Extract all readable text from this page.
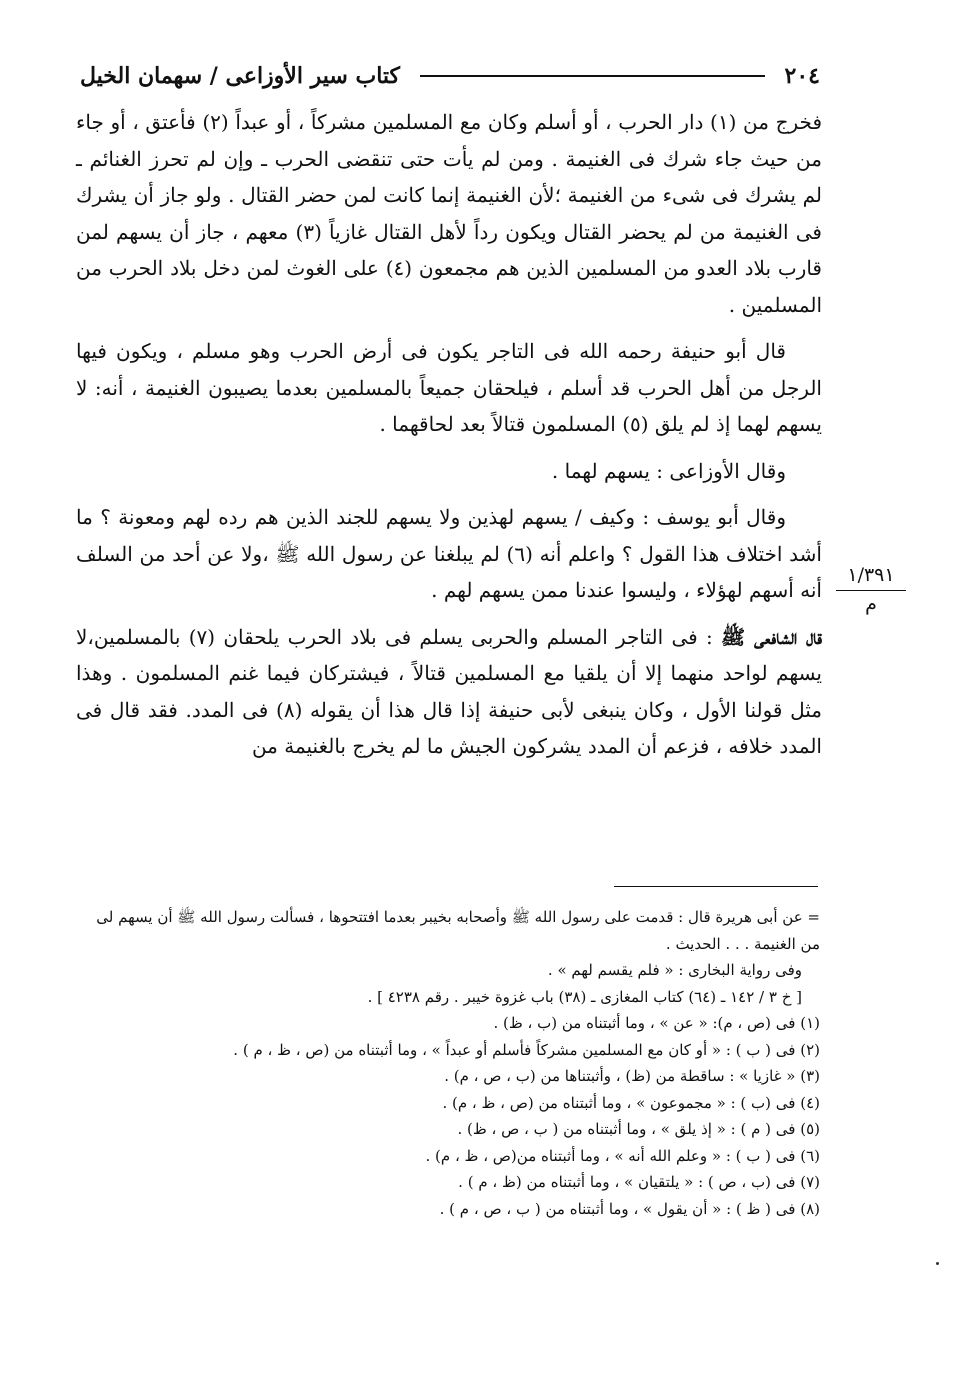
٢٠٤
كتاب سير الأوزاعى / سهمان الخيل

فخرج من (١) دار الحرب ، أو أسلم وكان مع المسلمين مشركاً ، أو عبداً (٢) فأعتق ، أو جاء من حيث جاء شرك فى الغنيمة . ومن لم يأت حتى تنقضى الحرب ـ وإن لم تحرز الغنائم ـ لم يشرك فى شىء من الغنيمة ؛لأن الغنيمة إنما كانت لمن حضر القتال . ولو جاز أن يشرك فى الغنيمة من لم يحضر القتال ويكون رداً لأهل القتال غازياً (٣) معهم ، جاز أن يسهم لمن قارب بلاد العدو من المسلمين الذين هم مجمعون (٤) على الغوث لمن دخل بلاد الحرب من المسلمين .

قال أبو حنيفة رحمه الله فى التاجر يكون فى أرض الحرب وهو مسلم ، ويكون فيها الرجل من أهل الحرب قد أسلم ، فيلحقان جميعاً بالمسلمين بعدما يصيبون الغنيمة ، أنه: لا يسهم لهما إذ لم يلق (٥) المسلمون قتالاً بعد لحاقهما .

وقال الأوزاعى : يسهم لهما .

وقال أبو يوسف : وكيف / يسهم لهذين ولا يسهم للجند الذين هم رده لهم ومعونة ؟ ما أشد اختلاف هذا القول ؟ واعلم أنه (٦) لم يبلغنا عن رسول الله ﷺ ،ولا عن أحد من السلف أنه أسهم لهؤلاء ، وليسوا عندنا ممن يسهم لهم .

قال الشافعى ﷺ : فى التاجر المسلم والحربى يسلم فى بلاد الحرب يلحقان (٧) بالمسلمين،لا يسهم لواحد منهما إلا أن يلقيا مع المسلمين قتالاً ، فيشتركان فيما غنم المسلمون . وهذا مثل قولنا الأول ، وكان ينبغى لأبى حنيفة إذا قال هذا أن يقوله (٨) فى المدد. فقد قال فى المدد خلافه ، فزعم أن المدد يشركون الجيش ما لم يخرج بالغنيمة من

١/٣٩١
م

= عن أبى هريرة قال : قدمت على رسول الله ﷺ وأصحابه بخيبر بعدما افتتحوها ، فسألت رسول الله ﷺ أن يسهم لى من الغنيمة . . . الحديث .

وفى رواية البخارى : « فلم يقسم لهم » .

[ خ ٣ / ١٤٢ ـ (٦٤) كتاب المغازى ـ (٣٨) باب غزوة خيبر . رقم ٤٢٣٨ ] .

(١) فى (ص ، م): « عن » ، وما أثبتناه من (ب ، ظ) .

(٢) فى ( ب ) : « أو كان مع المسلمين مشركاً فأسلم أو عبداً » ، وما أثبتناه من (ص ، ظ ، م ) .

(٣) « غازيا » : ساقطة من (ظ) ، وأثبتناها من (ب ، ص ، م) .

(٤) فى (ب ) : « مجموعون » ، وما أثبتناه من (ص ، ظ ، م) .

(٥) فى ( م ) : « إذ يلق » ، وما أثبتناه من ( ب ، ص ، ظ) .

(٦) فى ( ب ) : « وعلم الله أنه » ، وما أثبتناه من(ص ، ظ ، م) .

(٧) فى (ب ، ص ) : « يلتقيان » ، وما أثبتناه من (ظ ، م ) .

(٨) فى ( ظ ) : « أن يقول » ، وما أثبتناه من ( ب ، ص ، م ) .
